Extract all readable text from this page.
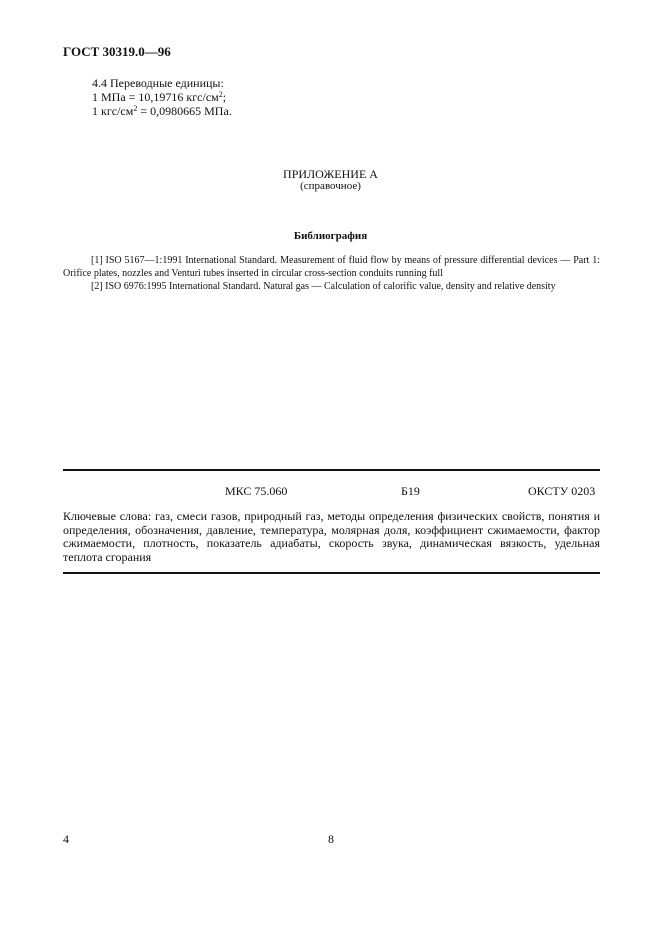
ГОСТ 30319.0—96
4.4 Переводные единицы:
1 МПа = 10,19716 кгс/$см^2$;
1 кгс/$см^2 = 0,0980665$ МПа.
ПРИЛОЖЕНИЕ А
(справочное)
Библиография

[1] ISO 5167—1:1991 International Standard. Measurement of fluid flow by means of pressure differential devices — Part 1: Orifice plates, nozzles and Venturi tubes inserted in circular cross-section conduits running full

[2] ISO 6976:1995 International Standard. Natural gas — Calculation of calorific value, density and relative density

МКС 75.060	Б19	ОКСТУ 0203
Ключевые слова: газ, смеси газов, природный газ, методы определения физических свойств, понятия и определения, обозначения, давление, температура, молярная доля, коэффициент сжимаемости, фактор сжимаемости, плотность, показатель адиабаты, скорость звука, динамическая вязкость, удельная теплота сгорания
4	8
